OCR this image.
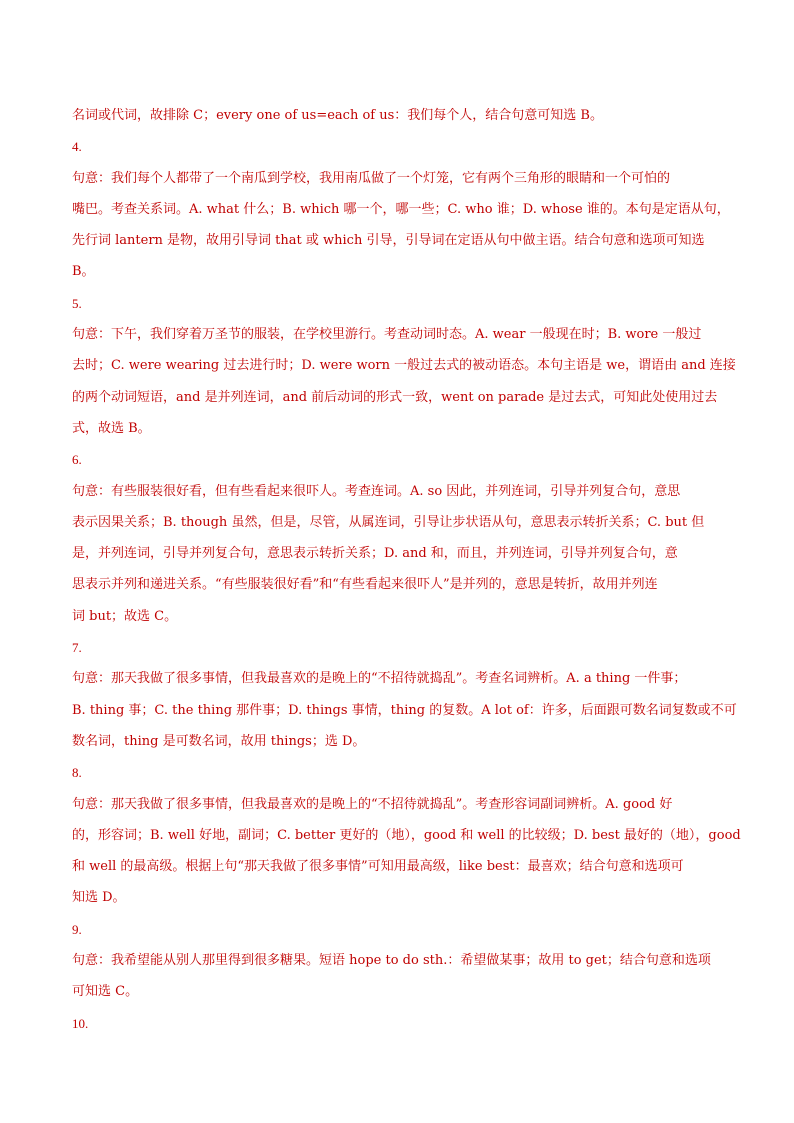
名词或代词，故排除 C；every one of us=each of us：我们每个人，结合句意可知选 B。
4.
句意：我们每个人都带了一个南瓜到学校，我用南瓜做了一个灯笼，它有两个三角形的眼睛和一个可怕的
嘴巴。考查关系词。A. what 什么；B. which 哪一个，哪一些；C. who 谁；D. whose 谁的。本句是定语从句，
先行词 lantern 是物，故用引导词 that 或 which 引导，引导词在定语从句中做主语。结合句意和选项可知选
B。
5.
句意：下午，我们穿着万圣节的服装，在学校里游行。考查动词时态。A. wear 一般现在时；B. wore 一般过
去时；C. were wearing 过去进行时；D. were worn 一般过去式的被动语态。本句主语是 we，谓语由 and 连接
的两个动词短语，and 是并列连词，and 前后动词的形式一致，went on parade 是过去式，可知此处使用过去
式，故选 B。
6.
句意：有些服装很好看，但有些看起来很吓人。考查连词。A. so 因此，并列连词，引导并列复合句，意思
表示因果关系；B. though 虽然，但是，尽管，从属连词，引导让步状语从句，意思表示转折关系；C. but 但
是，并列连词，引导并列复合句，意思表示转折关系；D. and 和，而且，并列连词，引导并列复合句，意
思表示并列和递进关系。“有些服装很好看”和“有些看起来很吓人”是并列的，意思是转折，故用并列连
词 but；故选 C。
7.
句意：那天我做了很多事情，但我最喜欢的是晚上的“不招待就捣乱”。考查名词辨析。A. a thing 一件事；
B. thing 事；C. the thing 那件事；D. things 事情，thing 的复数。A lot of：许多，后面跟可数名词复数或不可
数名词，thing 是可数名词，故用 things；选 D。
8.
句意：那天我做了很多事情，但我最喜欢的是晚上的“不招待就捣乱”。考查形容词副词辨析。A. good 好
的，形容词；B. well 好地，副词；C. better 更好的（地），good 和 well 的比较级；D. best 最好的（地），good
和 well 的最高级。根据上句“那天我做了很多事情”可知用最高级，like best：最喜欢；结合句意和选项可
知选 D。
9.
句意：我希望能从别人那里得到很多糖果。短语 hope to do sth.：希望做某事；故用 to get；结合句意和选项
可知选 C。
10.
